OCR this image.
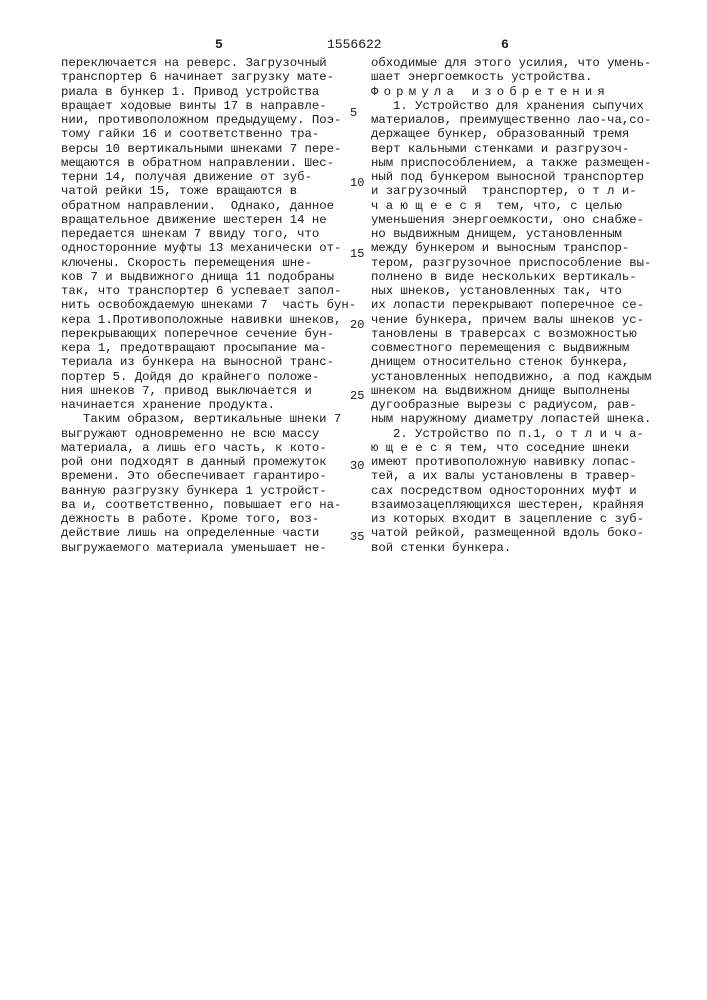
5	1556622	6
переключается на реверс. Загрузочный
транспортер 6 начинает загрузку мате-
риала в бункер 1. Привод устройства
вращает ходовые винты 17 в направле-
нии, противоположном предыдущему. Поэ-
тому гайки 16 и соответственно тра-
версы 10 вертикальными шнеками 7 пере-
мещаются в обратном направлении. Шес-
терни 14, получая движение от зуб-
чатой рейки 15, тоже вращаются в
обратном направлении.  Однако, данное
вращательное движение шестерен 14 не
передается шнекам 7 ввиду того, что
односторонние муфты 13 механически от-
ключены. Скорость перемещения шне-
ков 7 и выдвижного днища 11 подобраны
так, что транспортер 6 успевает запол-
нить освобождаемую шнеками 7  часть бун-
кера 1.Противоположные навивки шнеков,
перекрывающих поперечное сечение бун-
кера 1, предотвращают просыпание ма-
териала из бункера на выносной транс-
портер 5. Дойдя до крайнего положе-
ния шнеков 7, привод выключается и
начинается хранение продукта.
Таким образом, вертикальные шнеки 7
выгружают одновременно не всю массу
материала, а лишь его часть, к кото-
рой они подходят в данный промежуток
времени. Это обеспечивает гарантиро-
ванную разгрузку бункера 1 устройст-
ва и, соответственно, повышает его на-
дежность в работе. Кроме того, воз-
действие лишь на определенные части
выгружаемого материала уменьшает не-
обходимые для этого усилия, что умень-
шает энергоемкость устройства.
Формула изобретения
1. Устройство для хранения сыпучих
материалов, преимущественно лао-ча,со-
держащее бункер, образованный тремя
верт кальными стенками и разгрузоч-
ным приспособлением, а также размещен-
ный под бункером выносной транспортер
и загрузочный  транспортер, о т л и-
ч а ю щ е е с я  тем, что, с целью
уменьшения энергоемкости, оно снабже-
но выдвижным днищем, установленным
между бункером и выносным транспор-
тером, разгрузочное приспособление вы-
полнено в виде нескольких вертикаль-
ных шнеков, установленных так, что
их лопасти перекрывают поперечное се-
чение бункера, причем валы шнеков ус-
тановлены в траверсах с возможностью
совместного перемещения с выдвижным
днищем относительно стенок бункера,
установленных неподвижно, а под каждым
шнеком на выдвижном днище выполнены
дугообразные вырезы с радиусом, рав-
ным наружному диаметру лопастей шнека.
2. Устройство по п.1, о т л и ч а-
ю щ е е с я тем, что соседние шнеки
имеют противоположную навивку лопас-
тей, а их валы установлены в травер-
сах посредством односторонних муфт и
взаимозацепляющихся шестерен, крайняя
из которых входит в зацепление с зуб-
чатой рейкой, размещенной вдоль боко-
вой стенки бункера.
5
10
15
20
25
30
35
